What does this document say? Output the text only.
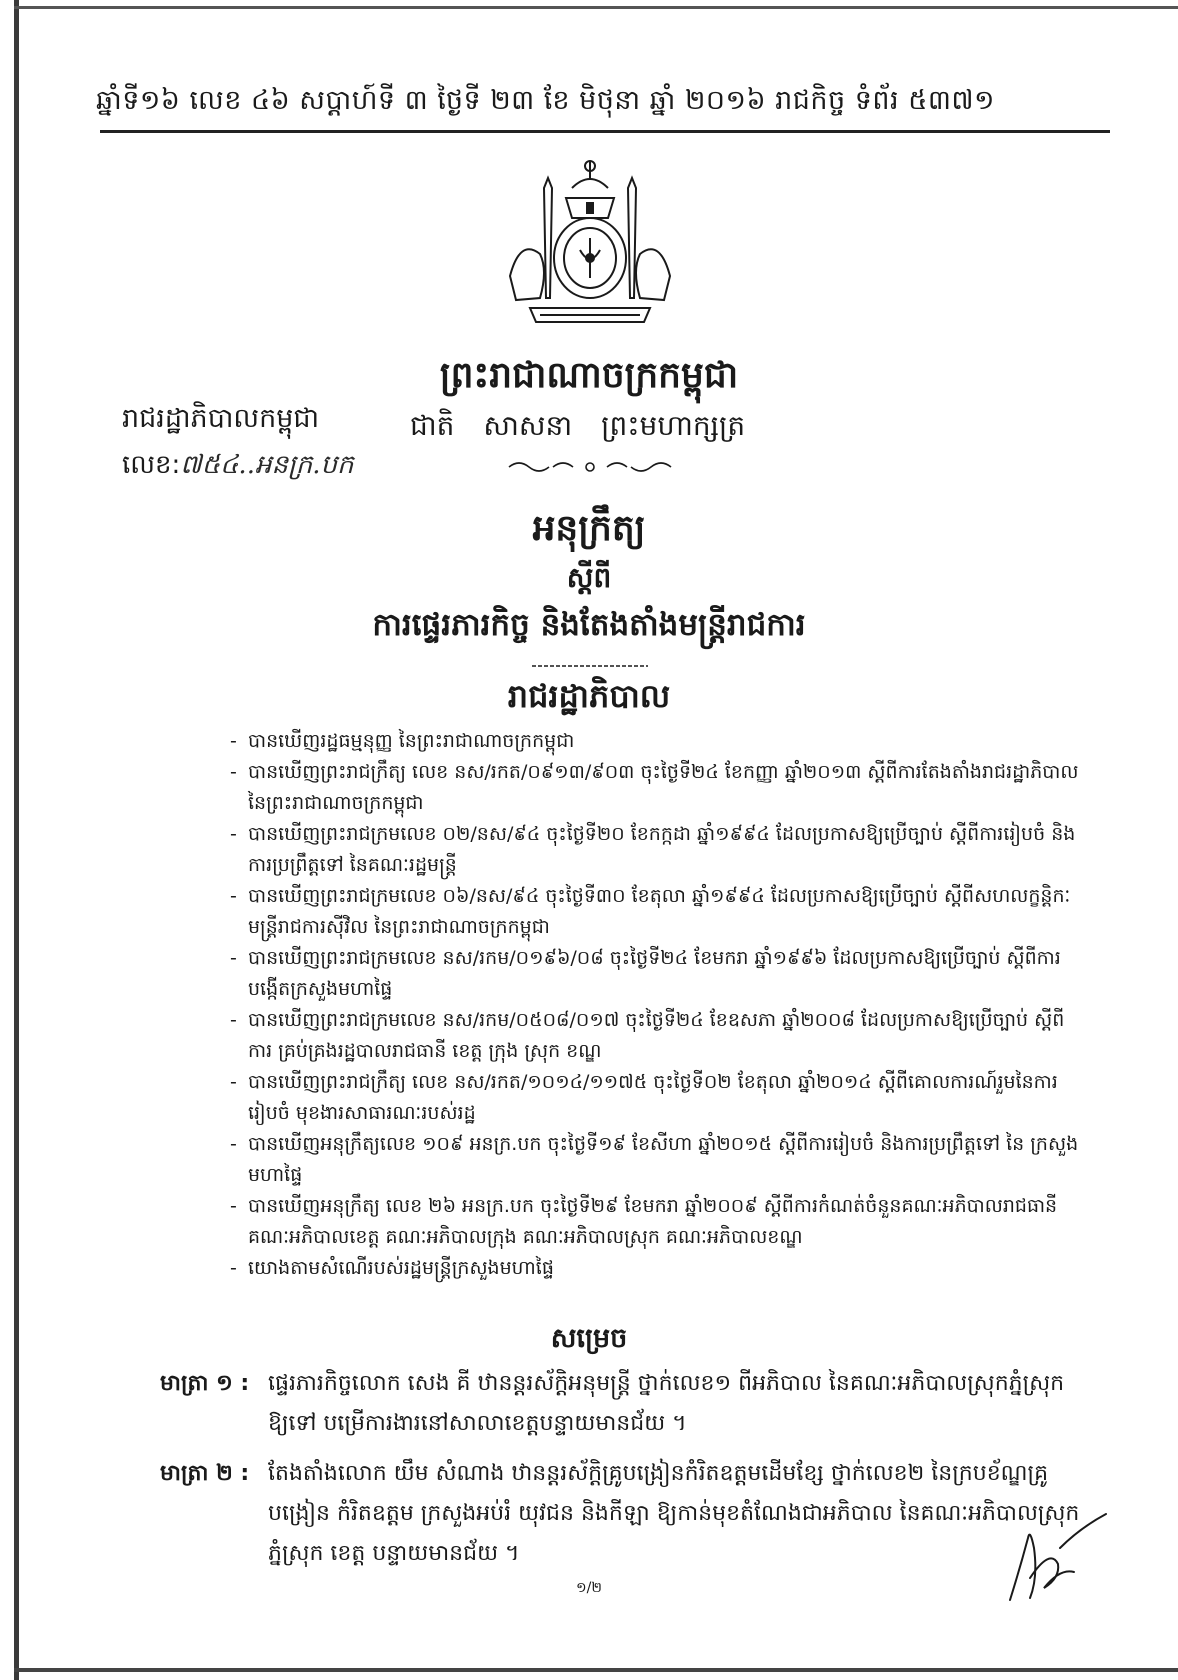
ឆ្នាំទី១៦ លេខ ៤៦ សប្តាហ៍ទី ៣ ថ្ងៃទី ២៣ ខែ មិថុនា ឆ្នាំ ២០១៦ រាជកិច្ច ទំព័រ ៥៣៧១
ព្រះរាជាណាចក្រកម្ពុជា
ជាតិ សាសនា ព្រះមហាក្សត្រ
រាជរដ្ឋាភិបាលកម្ពុជា
លេខ:៧៥៤..អនក្រ.បក
អនុក្រឹត្យ
ស្តីពី
ការផ្ទេរភារកិច្ច និងតែងតាំងមន្ត្រីរាជការ
រាជរដ្ឋាភិបាល
- បានឃើញរដ្ឋធម្មនុញ្ញ នៃព្រះរាជាណាចក្រកម្ពុជា
- បានឃើញព្រះរាជក្រឹត្យ លេខ នស/រកត/០៩១៣/៩០៣ ចុះថ្ងៃទី២៤ ខែកញ្ញា ឆ្នាំ២០១៣ ស្តីពីការតែងតាំងរាជរដ្ឋាភិបាល នៃព្រះរាជាណាចក្រកម្ពុជា
- បានឃើញព្រះរាជក្រមលេខ ០២/នស/៩៤ ចុះថ្ងៃទី២០ ខែកក្កដា ឆ្នាំ១៩៩៤ ដែលប្រកាសឱ្យប្រើច្បាប់ ស្តីពីការរៀបចំ និងការប្រព្រឹត្តទៅ នៃគណៈរដ្ឋមន្ត្រី
- បានឃើញព្រះរាជក្រមលេខ ០៦/នស/៩៤ ចុះថ្ងៃទី៣០ ខែតុលា ឆ្នាំ១៩៩៤ ដែលប្រកាសឱ្យប្រើច្បាប់ ស្តីពីសហលក្ខន្តិកៈ មន្ត្រីរាជការស៊ីវិល នៃព្រះរាជាណាចក្រកម្ពុជា
- បានឃើញព្រះរាជក្រមលេខ នស/រកម/០១៩៦/០៨ ចុះថ្ងៃទី២៤ ខែមករា ឆ្នាំ១៩៩៦ ដែលប្រកាសឱ្យប្រើច្បាប់ ស្តីពីការ បង្កើតក្រសួងមហាផ្ទៃ
- បានឃើញព្រះរាជក្រមលេខ នស/រកម/០៥០៨/០១៧ ចុះថ្ងៃទី២៤ ខែឧសភា ឆ្នាំ២០០៨ ដែលប្រកាសឱ្យប្រើច្បាប់ ស្តីពីការ គ្រប់គ្រងរដ្ឋបាលរាជធានី ខេត្ត ក្រុង ស្រុក ខណ្ឌ
- បានឃើញព្រះរាជក្រឹត្យ លេខ នស/រកត/១០១៤/១១៧៥ ចុះថ្ងៃទី០២ ខែតុលា ឆ្នាំ២០១៤ ស្តីពីគោលការណ៍រួមនៃការរៀបចំ មុខងារសាធារណៈរបស់រដ្ឋ
- បានឃើញអនុក្រឹត្យលេខ ១០៩ អនក្រ.បក ចុះថ្ងៃទី១៩ ខែសីហា ឆ្នាំ២០១៥ ស្តីពីការរៀបចំ និងការប្រព្រឹត្តទៅ នៃ ក្រសួងមហាផ្ទៃ
- បានឃើញអនុក្រឹត្យ លេខ ២៦ អនក្រ.បក ចុះថ្ងៃទី២៩ ខែមករា ឆ្នាំ២០០៩ ស្តីពីការកំណត់ចំនួនគណៈអភិបាលរាជធានី គណៈអភិបាលខេត្ត គណៈអភិបាលក្រុង គណៈអភិបាលស្រុក គណៈអភិបាលខណ្ឌ
- យោងតាមសំណើរបស់រដ្ឋមន្ត្រីក្រសួងមហាផ្ទៃ
សម្រេច
មាត្រា ១ : ផ្ទេរភារកិច្ចលោក សេង គី ឋានន្តរស័ក្តិអនុមន្ត្រី ថ្នាក់លេខ១ ពីអភិបាល នៃគណៈអភិបាលស្រុកភ្នំស្រុក ឱ្យទៅ បម្រើការងារនៅសាលាខេត្តបន្ទាយមានជ័យ ។
មាត្រា ២ : តែងតាំងលោក យឹម សំណាង ឋានន្តរស័ក្តិគ្រូបង្រៀនកំរិតឧត្តមដើមខ្សែ ថ្នាក់លេខ២ នៃក្របខ័ណ្ឌគ្រូបង្រៀន កំរិតឧត្តម ក្រសួងអប់រំ យុវជន និងកីឡា ឱ្យកាន់មុខតំណែងជាអភិបាល នៃគណៈអភិបាលស្រុកភ្នំស្រុក ខេត្ត បន្ទាយមានជ័យ ។
១/២
